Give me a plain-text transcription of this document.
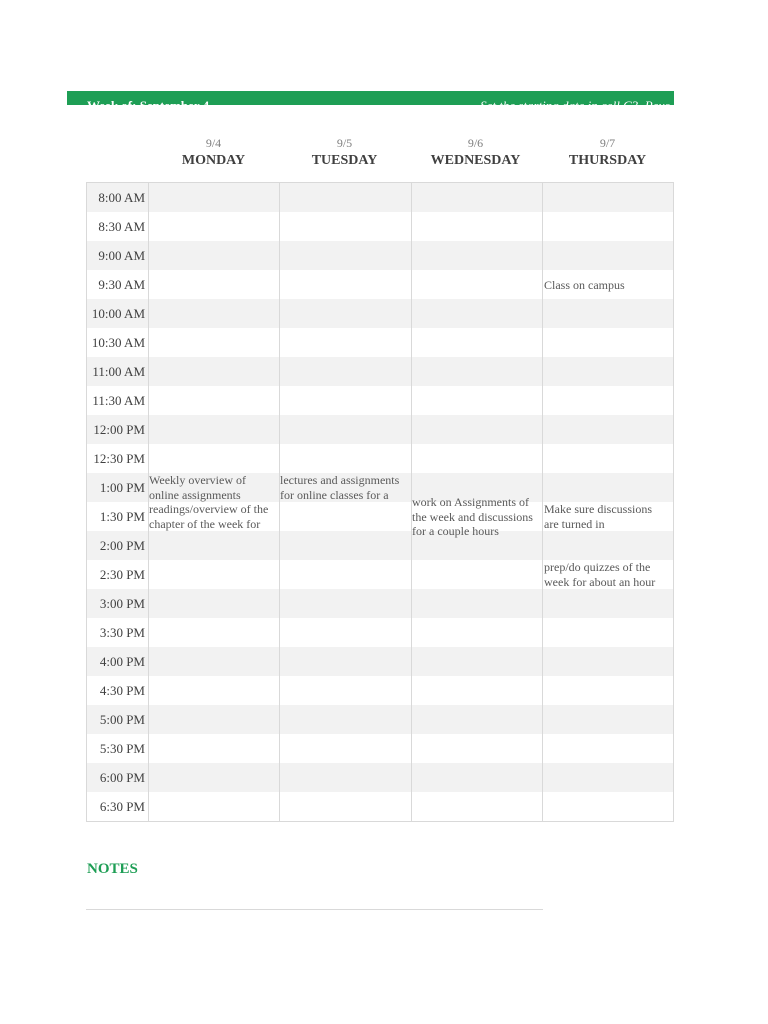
Week of: September 4	Set the starting date in cell C3. Reus
9/4
MONDAY
9/5
TUESDAY
9/6
WEDNESDAY
9/7
THURSDAY
8:00 AM
8:30 AM
9:00 AM
9:30 AM
10:00 AM
10:30 AM
11:00 AM
11:30 AM
12:00 PM
12:30 PM
1:00 PM
1:30 PM
2:00 PM
2:30 PM
3:00 PM
3:30 PM
4:00 PM
4:30 PM
5:00 PM
5:30 PM
6:00 PM
6:30 PM
Class on campus
Weekly overview of
online assignments
readings/overview of the
chapter of the week for
lectures and assignments
for online classes for a
work on Assignments of
the week and discussions
for a couple hours
Make sure discussions
are turned in
prep/do quizzes of the
week for about an hour
NOTES
